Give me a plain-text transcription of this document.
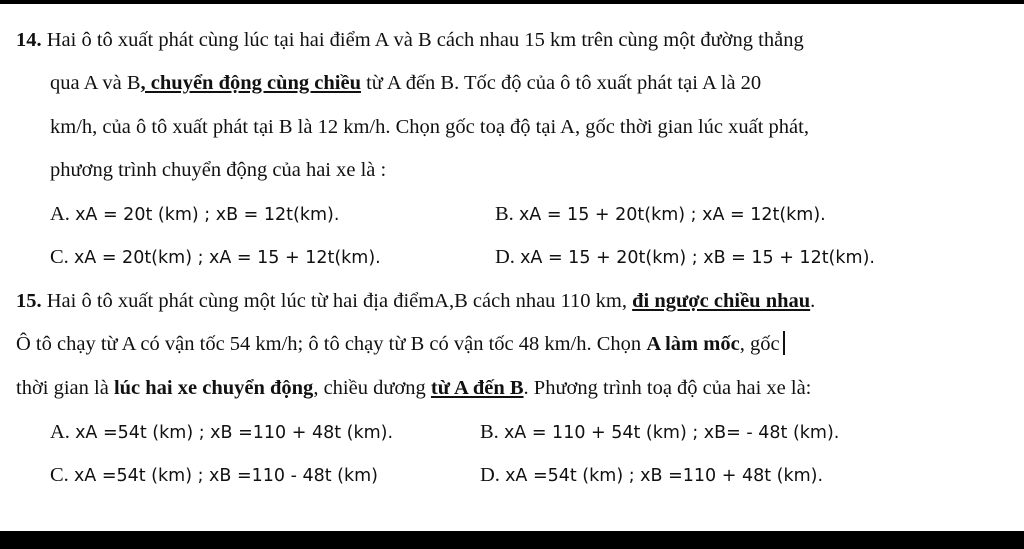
14. Hai ô tô xuất phát cùng lúc tại hai điểm A và B cách nhau 15 km trên cùng một đường thẳng
qua A và B, chuyển động cùng chiều từ A đến B. Tốc độ của ô tô xuất phát tại A là 20
km/h, của ô tô xuất phát tại B là 12 km/h. Chọn gốc toạ độ tại A, gốc thời gian lúc xuất phát,
phương trình chuyển động của hai xe là :
A. xA = 20t (km) ; xB = 12t(km).	B. xA = 15 + 20t(km) ; xA = 12t(km).
C. xA = 20t(km) ; xA = 15 + 12t(km).	D. xA = 15 + 20t(km) ; xB = 15 + 12t(km).
15. Hai ô tô xuất phát cùng một lúc từ hai địa điểmA,B cách nhau 110 km, đi ngược chiều nhau.
Ô tô chạy từ A có vận tốc 54 km/h; ô tô chạy từ B có vận tốc 48 km/h. Chọn A làm mốc, gốc
thời gian là lúc hai xe chuyển động, chiều dương từ A đến B. Phương trình toạ độ của hai xe là:
A. xA =54t (km) ; xB =110 + 48t (km).	B. xA = 110 + 54t (km) ; xB= - 48t (km).
C. xA =54t (km) ; xB =110 - 48t (km)	D. xA =54t (km) ; xB =110 + 48t (km).
